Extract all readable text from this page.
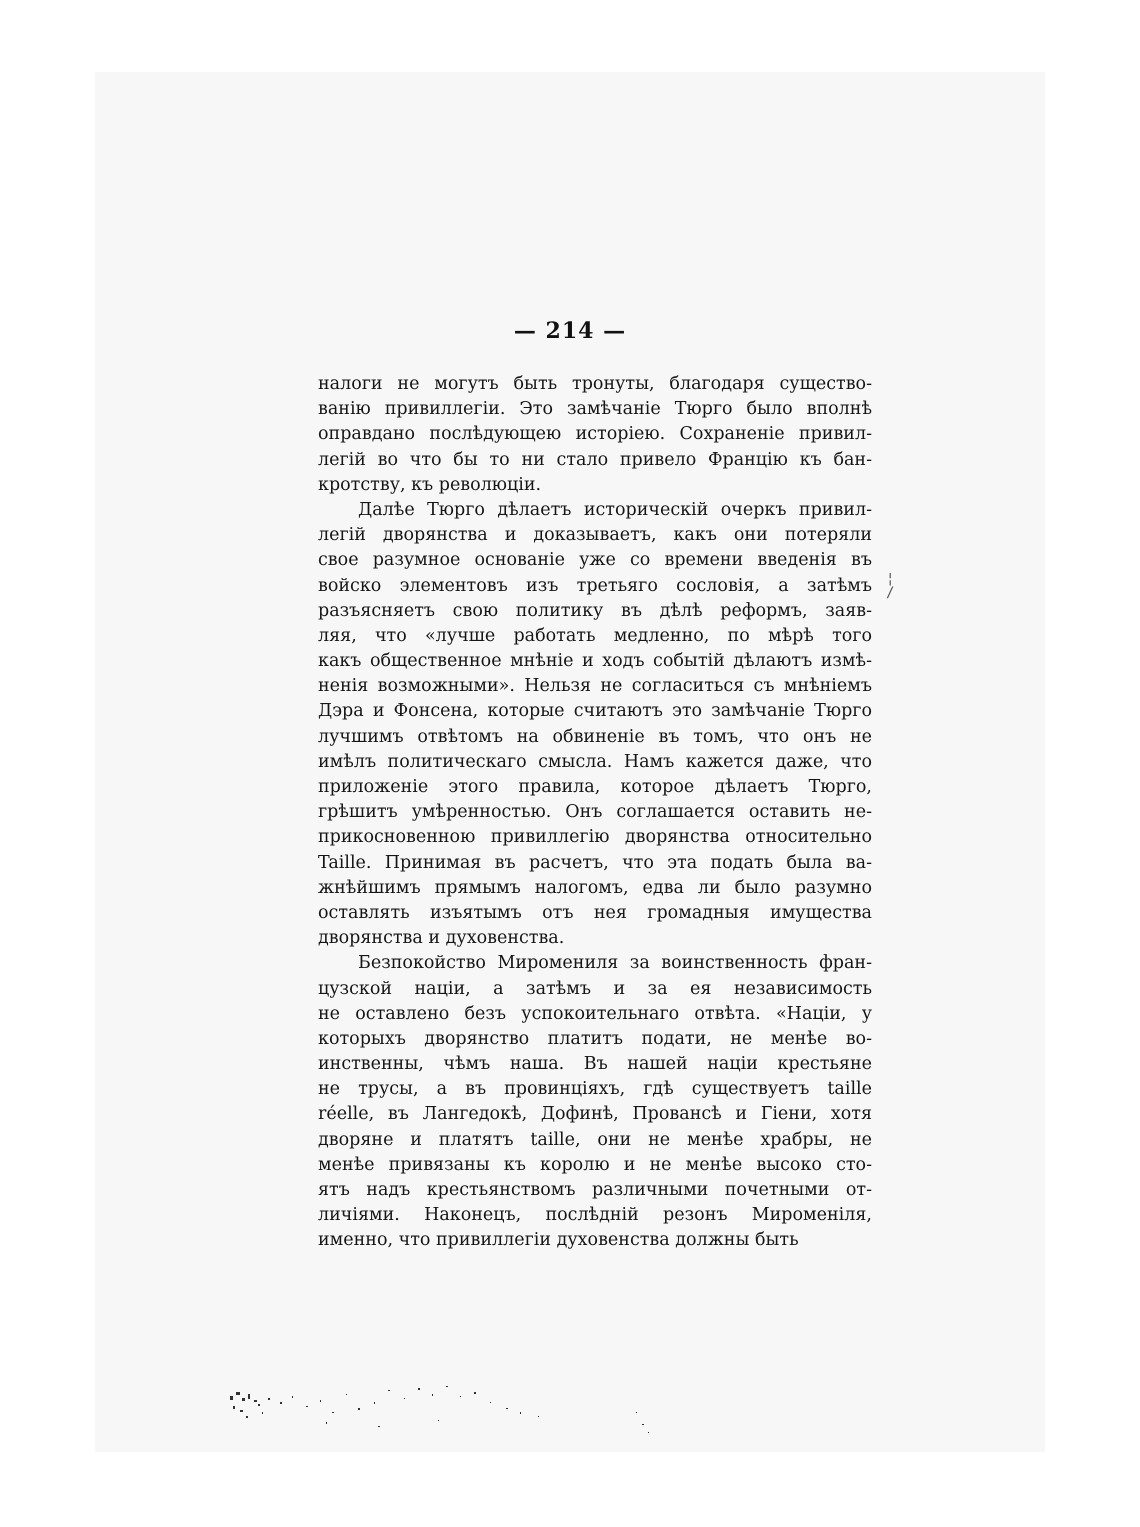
— 214 —
налоги не могутъ быть тронуты, благодаря существо-
ванію привиллегіи. Это замѣчаніе Тюрго было вполнѣ
оправдано послѣдующею исторіею. Сохраненіе привил-
легій во что бы то ни стало привело Францію къ бан-
кротству, къ революціи.
Далѣе Тюрго дѣлаетъ историческій очеркъ привил-
легій дворянства и доказываетъ, какъ они потеряли
свое разумное основаніе уже со времени введенія въ
войско элементовъ изъ третьяго сословія, а затѣмъ
разъясняетъ свою политику въ дѣлѣ реформъ, заяв-
ляя, что «лучше работать медленно, по мѣрѣ того
какъ общественное мнѣніе и ходъ событій дѣлаютъ измѣ-
ненія возможными». Нельзя не согласиться съ мнѣніемъ
Дэра и Фонсена, которые считаютъ это замѣчаніе Тюрго
лучшимъ отвѣтомъ на обвиненіе въ томъ, что онъ не
имѣлъ политическаго смысла. Намъ кажется даже, что
приложеніе этого правила, которое дѣлаетъ Тюрго,
грѣшитъ умѣренностью. Онъ соглашается оставить не-
прикосновенною привиллегію дворянства относительно
Taille. Принимая въ расчетъ, что эта подать была ва-
жнѣйшимъ прямымъ налогомъ, едва ли было разумно
оставлять изъятымъ отъ нея громадныя имущества
дворянства и духовенства.
Безпокойство Миромениля за воинственность фран-
цузской націи, а затѣмъ и за ея независимость
не оставлено безъ успокоительнаго отвѣта. «Націи, у
которыхъ дворянство платитъ подати, не менѣе во-
инственны, чѣмъ наша. Въ нашей націи крестьяне
не трусы, а въ провинціяхъ, гдѣ существуетъ taille
réelle, въ Лангедокѣ, Дофинѣ, Провансѣ и Гіени, хотя
дворяне и платятъ taille, они не менѣе храбры, не
менѣе привязаны къ королю и не менѣе высоко сто-
ятъ надъ крестьянствомъ различными почетными от-
личіями. Наконецъ, послѣдній резонъ Мироменіля,
именно, что привиллегіи духовенства должны быть
¦
/
